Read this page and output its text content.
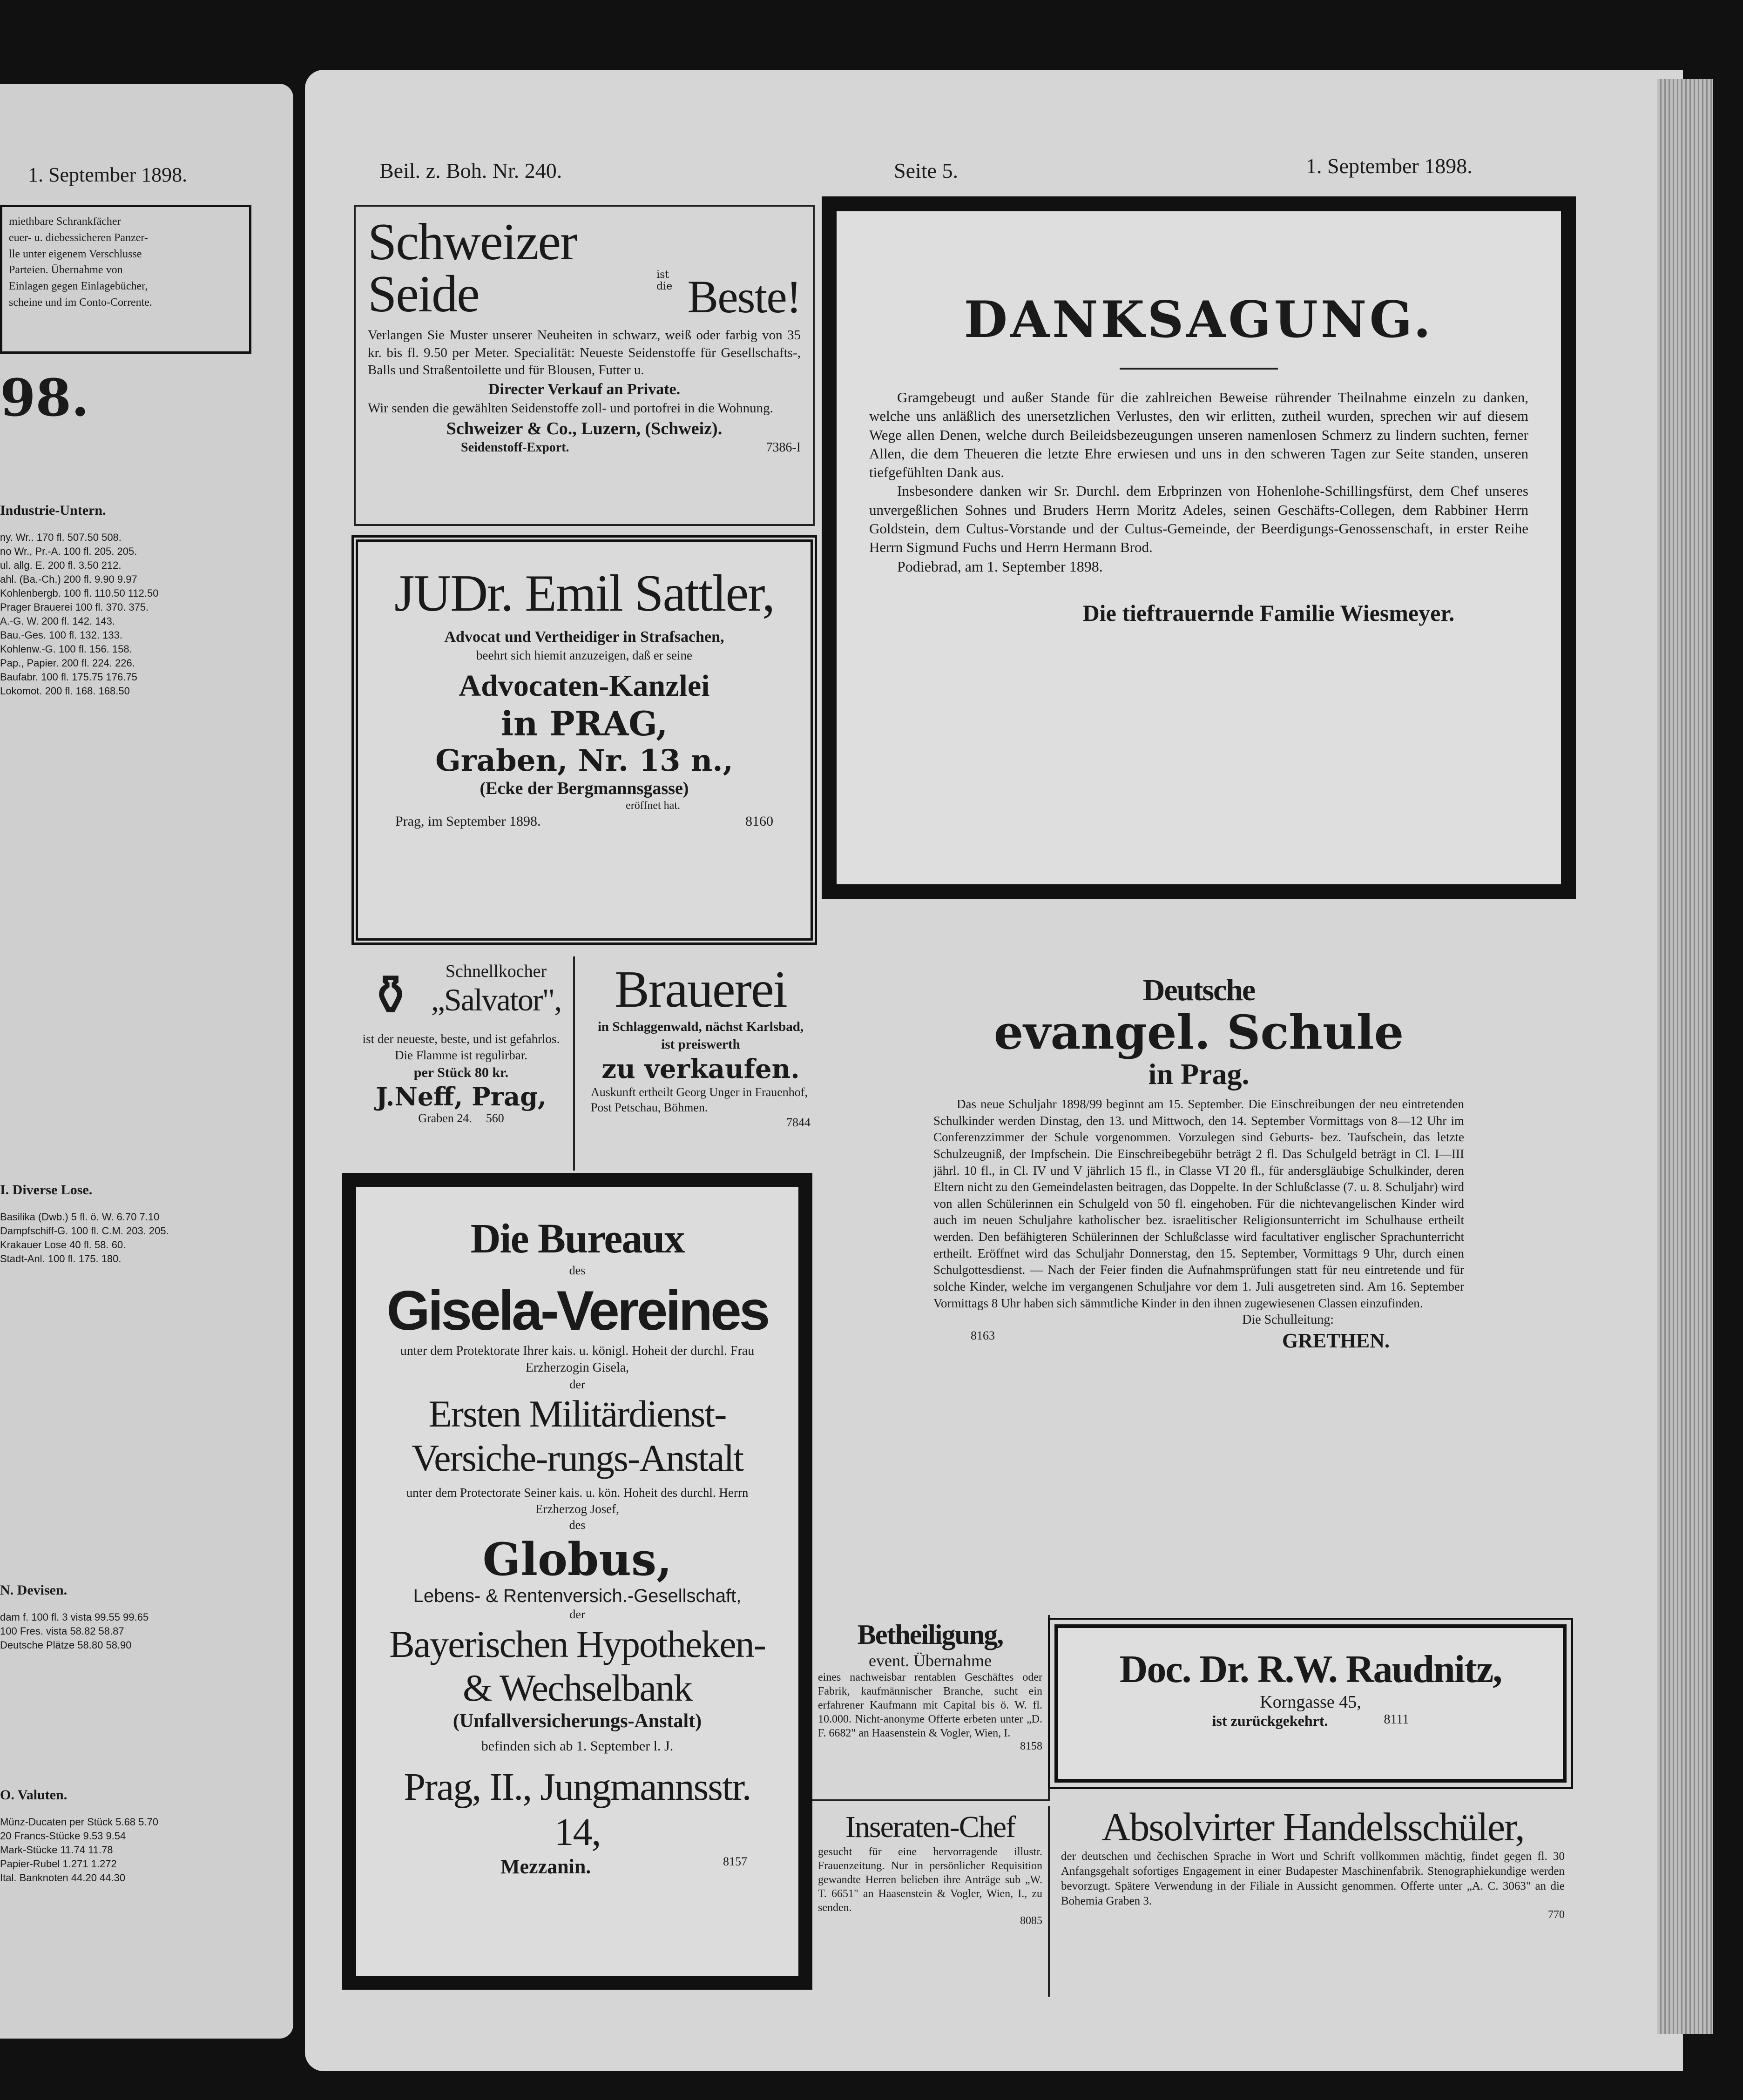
1. September 1898.
miethbare Schrankfächer
euer- u. diebessicheren Panzer-
lle unter eigenem Verschlusse
Parteien. Übernahme von
Einlagen gegen Einlagebücher,
scheine und im Conto-Corrente.
98.
Industrie-Untern.
ny. Wr.. 170 fl. 507.50 508.
no Wr., Pr.-A. 100 fl. 205. 205.
ul. allg. E. 200 fl. 3.50 212.
ahl. (Ba.-Ch.) 200 fl. 9.90 9.97
Kohlenbergb. 100 fl. 110.50 112.50
Prager Brauerei 100 fl. 370. 375.
A.-G. W. 200 fl. 142. 143.
Bau.-Ges. 100 fl. 132. 133.
Kohlenw.-G. 100 fl. 156. 158.
Pap., Papier. 200 fl. 224. 226.
Baufabr. 100 fl. 175.75 176.75
Lokomot. 200 fl. 168. 168.50
I. Diverse Lose.
Basilika (Dwb.) 5 fl. ö. W. 6.70 7.10
Dampfschiff-G. 100 fl. C.M. 203. 205.
Krakauer Lose 40 fl. 58. 60.
Stadt-Anl. 100 fl. 175. 180.
N. Devisen.
dam f. 100 fl. 3 vista 99.55 99.65
100 Fres. vista 58.82 58.87
Deutsche Plätze 58.80 58.90
O. Valuten.
Münz-Ducaten per Stück 5.68 5.70
20 Francs-Stücke 9.53 9.54
Mark-Stücke 11.74 11.78
Papier-Rubel 1.271 1.272
Ital. Banknoten 44.20 44.30
Beil. z. Boh. Nr. 240.	Seite 5.	1. September 1898.
Schweizer Seide	ist die Beste!
Verlangen Sie Muster unserer Neuheiten in schwarz, weiß oder farbig von 35 kr. bis fl. 9.50 per Meter. Specialität: Neueste Seidenstoffe für Gesellschafts-, Balls und Straßentoilette und für Blousen, Futter u.
Directer Verkauf an Private.
Wir senden die gewählten Seidenstoffe zoll- und portofrei in die Wohnung.
Schweizer & Co., Luzern, (Schweiz).
Seidenstoff-Export.	7386-I
JUDr. Emil Sattler,
Advocat und Vertheidiger in Strafsachen,
beehrt sich hiemit anzuzeigen, daß er seine
Advocaten-Kanzlei
in PRAG,
Graben, Nr. 13 n.,
(Ecke der Bergmannsgasse)
eröffnet hat.
Prag, im September 1898.	8160
⚱	Schnellkocher
„Salvator",
ist der neueste, beste, und ist gefahrlos. Die Flamme ist regulirbar.
per Stück 80 kr.
J.Neff, Prag,
Graben 24. 560
Brauerei
in Schlaggenwald, nächst Karlsbad, ist preiswerth
zu verkaufen.
Auskunft ertheilt Georg Unger in Frauenhof, Post Petschau, Böhmen.
7844
Die Bureaux
des
Gisela-Vereines
unter dem Protektorate Ihrer kais. u. königl. Hoheit der durchl. Frau Erzherzogin Gisela,
der
Ersten Militärdienst-Versiche-rungs-Anstalt
unter dem Protectorate Seiner kais. u. kön. Hoheit des durchl. Herrn Erzherzog Josef,
des
Globus,
Lebens- & Rentenversich.-Gesellschaft,
der
Bayerischen Hypotheken-& Wechselbank
(Unfallversicherungs-Anstalt)
befinden sich ab 1. September l. J.
Prag, II., Jungmannsstr. 14,
Mezzanin.	8157
DANKSAGUNG.
Gramgebeugt und außer Stande für die zahlreichen Beweise rührender Theilnahme einzeln zu danken, welche uns anläßlich des unersetzlichen Verlustes, den wir erlitten, zutheil wurden, sprechen wir auf diesem Wege allen Denen, welche durch Beileidsbezeugungen unseren namenlosen Schmerz zu lindern suchten, ferner Allen, die dem Theueren die letzte Ehre erwiesen und uns in den schweren Tagen zur Seite standen, unseren tiefgefühlten Dank aus.
Insbesondere danken wir Sr. Durchl. dem Erbprinzen von Hohenlohe-Schillingsfürst, dem Chef unseres unvergeßlichen Sohnes und Bruders Herrn Moritz Adeles, seinen Geschäfts-Collegen, dem Rabbiner Herrn Goldstein, dem Cultus-Vorstande und der Cultus-Gemeinde, der Beerdigungs-Genossenschaft, in erster Reihe Herrn Sigmund Fuchs und Herrn Hermann Brod.
Podiebrad, am 1. September 1898.
Die tieftrauernde Familie Wiesmeyer.
Deutsche
evangel. Schule
in Prag.
Das neue Schuljahr 1898/99 beginnt am 15. September. Die Einschreibungen der neu eintretenden Schulkinder werden Dinstag, den 13. und Mittwoch, den 14. September Vormittags von 8—12 Uhr im Conferenzzimmer der Schule vorgenommen. Vorzulegen sind Geburts- bez. Taufschein, das letzte Schulzeugniß, der Impfschein. Die Einschreibegebühr beträgt 2 fl. Das Schulgeld beträgt in Cl. I—III jährl. 10 fl., in Cl. IV und V jährlich 15 fl., in Classe VI 20 fl., für andersgläubige Schulkinder, deren Eltern nicht zu den Gemeindelasten beitragen, das Doppelte. In der Schlußclasse (7. u. 8. Schuljahr) wird von allen Schülerinnen ein Schulgeld von 50 fl. eingehoben. Für die nichtevangelischen Kinder wird auch im neuen Schuljahre katholischer bez. israelitischer Religionsunterricht im Schulhause ertheilt werden. Den befähigteren Schülerinnen der Schlußclasse wird facultativer englischer Sprachunterricht ertheilt. Eröffnet wird das Schuljahr Donnerstag, den 15. September, Vormittags 9 Uhr, durch einen Schulgottesdienst. — Nach der Feier finden die Aufnahmsprüfungen statt für neu eintretende und für solche Kinder, welche im vergangenen Schuljahre vor dem 1. Juli ausgetreten sind. Am 16. September Vormittags 8 Uhr haben sich sämmtliche Kinder in den ihnen zugewiesenen Classen einzufinden.
Die Schulleitung:
8163	GRETHEN.
Betheiligung,
event. Übernahme
eines nachweisbar rentablen Geschäftes oder Fabrik, kaufmännischer Branche, sucht ein erfahrener Kaufmann mit Capital bis ö. W. fl. 10.000. Nicht-anonyme Offerte erbeten unter „D. F. 6682" an Haasenstein & Vogler, Wien, I.
8158
Doc. Dr. R.W. Raudnitz,
Korngasse 45,
ist zurückgekehrt.	8111
Inseraten-Chef
gesucht für eine hervorragende illustr. Frauenzeitung. Nur in persönlicher Requisition gewandte Herren belieben ihre Anträge sub „W. T. 6651" an Haasenstein & Vogler, Wien, I., zu senden.
8085
Absolvirter Handelsschüler,
der deutschen und čechischen Sprache in Wort und Schrift vollkommen mächtig, findet gegen fl. 30 Anfangsgehalt sofortiges Engagement in einer Budapester Maschinenfabrik. Stenographiekundige werden bevorzugt. Spätere Verwendung in der Filiale in Aussicht genommen. Offerte unter „A. C. 3063" an die Bohemia Graben 3.
770
